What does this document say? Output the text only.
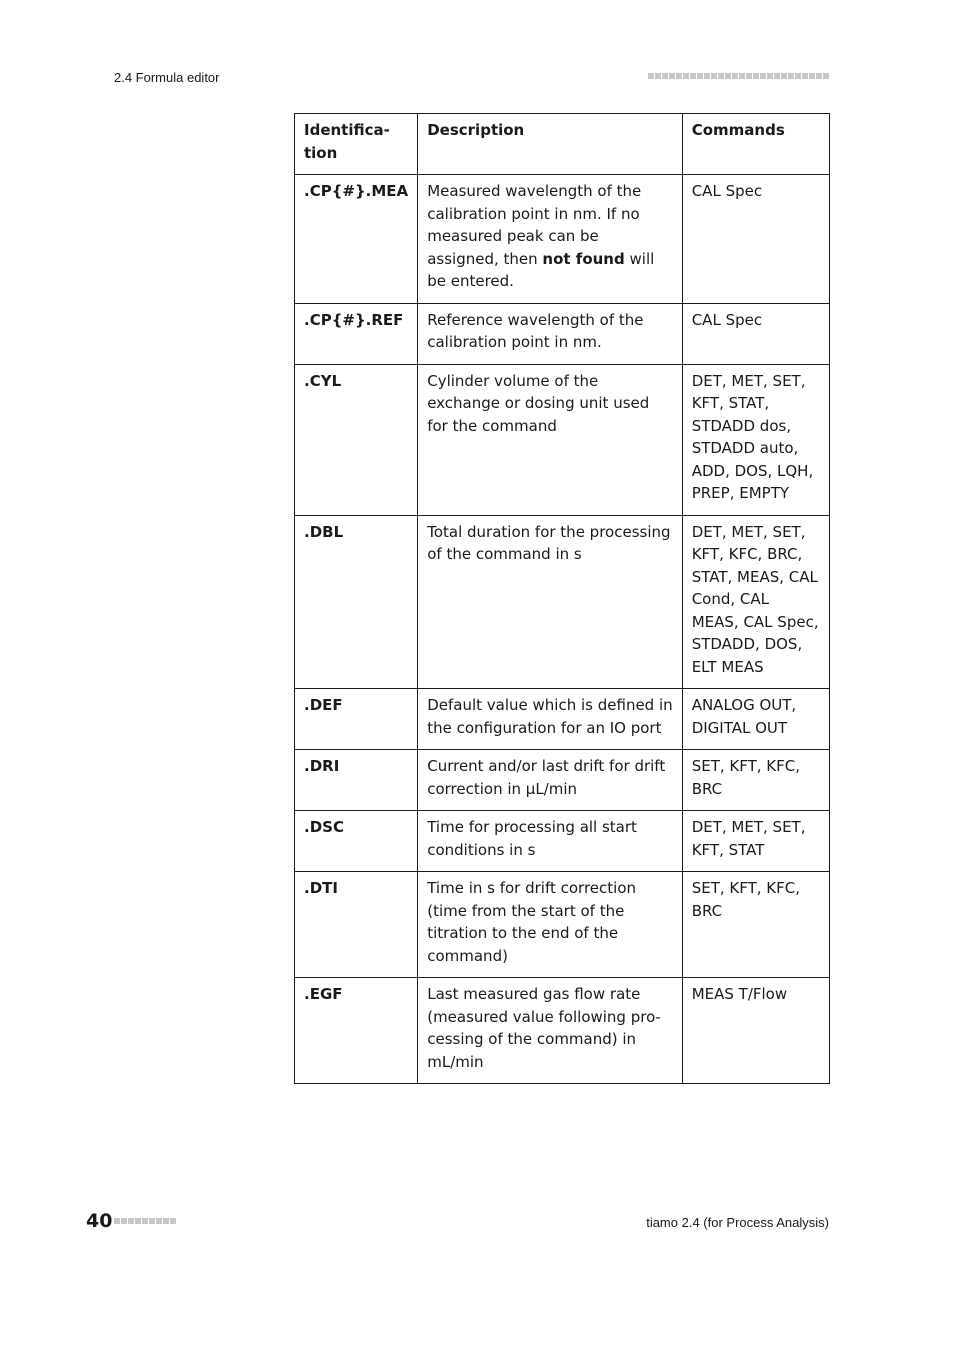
2.4 Formula editor
Identifica-
tion	Description	Commands
.CP{#}.MEA	Measured wavelength of the calibration point in nm. If no measured peak can be assigned, then not found will be entered.	CAL Spec
.CP{#}.REF	Reference wavelength of the calibration point in nm.	CAL Spec
.CYL	Cylinder volume of the exchange or dosing unit used for the command	DET, MET, SET, KFT, STAT, STDADD dos, STDADD auto, ADD, DOS, LQH, PREP, EMPTY
.DBL	Total duration for the processing of the command in s	DET, MET, SET, KFT, KFC, BRC, STAT, MEAS, CAL Cond, CAL MEAS, CAL Spec, STDADD, DOS, ELT MEAS
.DEF	Default value which is defined in the configuration for an IO port	ANALOG OUT, DIGITAL OUT
.DRI	Current and/or last drift for drift correction in µL/min	SET, KFT, KFC, BRC
.DSC	Time for processing all start conditions in s	DET, MET, SET, KFT, STAT
.DTI	Time in s for drift correction (time from the start of the titration to the end of the command)	SET, KFT, KFC, BRC
.EGF	Last measured gas flow rate (measured value following processing of the command) in mL/min	MEAS T/Flow
40	tiamo 2.4 (for Process Analysis)
